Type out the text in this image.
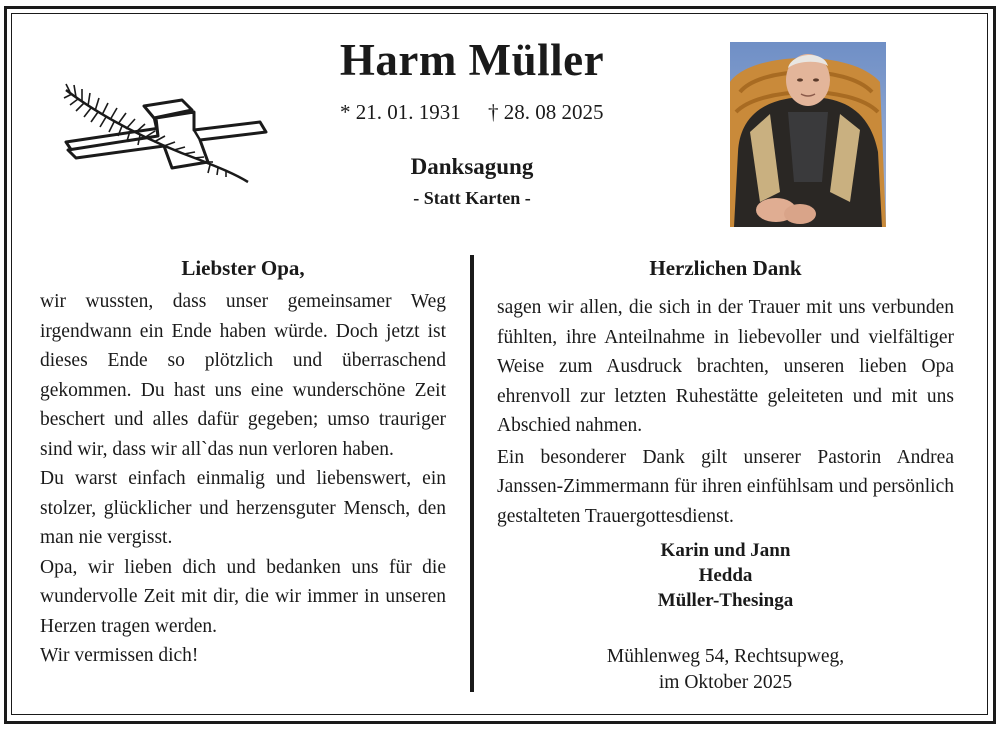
Harm Müller
* 21. 01. 1931 † 28. 08 2025
Danksagung
- Statt Karten -
Liebster Opa,

wir wussten, dass unser gemeinsamer Weg irgendwann ein Ende haben würde. Doch jetzt ist dieses Ende so plötzlich und überraschend gekommen. Du hast uns eine wunderschöne Zeit beschert und alles dafür gegeben; umso trauriger sind wir, dass wir all`das nun verloren haben.

Du warst einfach einmalig und liebenswert, ein stolzer, glücklicher und herzensguter Mensch, den man nie vergisst.

Opa, wir lieben dich und bedanken uns für die wundervolle Zeit mit dir, die wir immer in unseren Herzen tragen werden.

Wir vermissen dich!

Herzlichen Dank

sagen wir allen, die sich in der Trauer mit uns verbunden fühlten, ihre Anteilnahme in liebevoller und vielfältiger Weise zum Ausdruck brachten, unseren lieben Opa ehrenvoll zur letzten Ruhestätte geleiteten und mit uns Abschied nahmen.

Ein besonderer Dank gilt unserer Pastorin Andrea Janssen-Zimmermann für ihren einfühlsam und persönlich gestalteten Trauergottesdienst.

Karin und Jann
Hedda
Müller-Thesinga
Mühlenweg 54, Rechtsupweg,
im Oktober 2025
